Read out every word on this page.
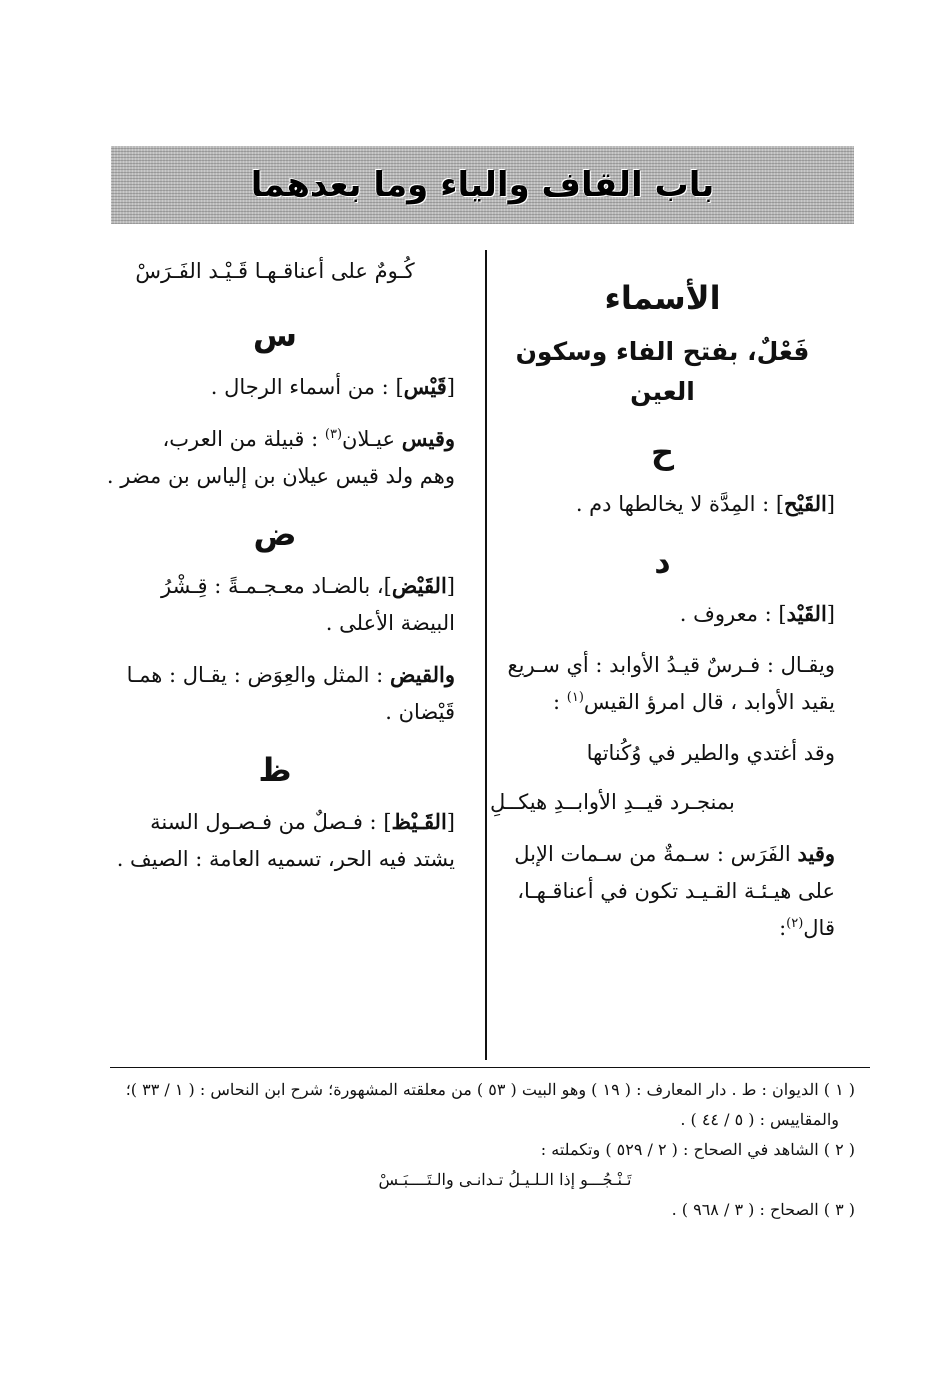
باب القاف والياء وما بعدهما
الأسماء
فَعْلٌ، بفتح الفاء وسكون العين
ح

[القَيْح] : المِدَّة لا يخالطها دم .

د

[القَيْد] : معروف .

ويقـال : فـرسٌ قيـدُ الأوابد : أي سـريع

يقيد الأوابد ، قال امرؤ القيس$^{(١)}$ :

وقد أغتدي والطير في وُكُناتها

بمنجـرد قيــدِ الأوابــدِ هيكــلِ

وقيد الفَرَس : سـمةٌ من سـمات الإبل

على هيـئـة القـيـد تكون في أعناقـهـا،

قال$^{(٢)}$:

كُـومٌ على أعناقـهـا قَـيْـد الفَـرَسْ

س

[قَيْس] : من أسماء الرجال .

وقيس عيـلان$^{(٣)}$ : قبيلة من العرب،

وهم ولد قيس عيلان بن إلياس بن مضر .

ض

[القَيْض]، بالضـاد معـجـمـةً : قِـشْرُ

البيضة الأعلى .

والقيض : المثل والعِوَض : يقـال : همـا

قَيْضان .

ظ

[القَـيْظ] : فـصلٌ من فـصـول السنة

يشتد فيه الحر، تسميه العامة : الصيف .

( ١ ) الديوان : ط . دار المعارف : ( ١٩ ) وهو البيت ( ٥٣ ) من معلقته المشهورة؛ شرح ابن النحاس : ( ١ / ٣٣ )؛

والمقاييس : ( ٥ / ٤٤ ) .

( ٢ ) الشاهد في الصحاح : ( ٢ / ٥٢٩ ) وتكملته :

تَـنْـجُـــو إذا الـلـيـلُ تـدانـى والـتَــــبَـسْ

( ٣ ) الصحاح : ( ٣ / ٩٦٨ ) .
